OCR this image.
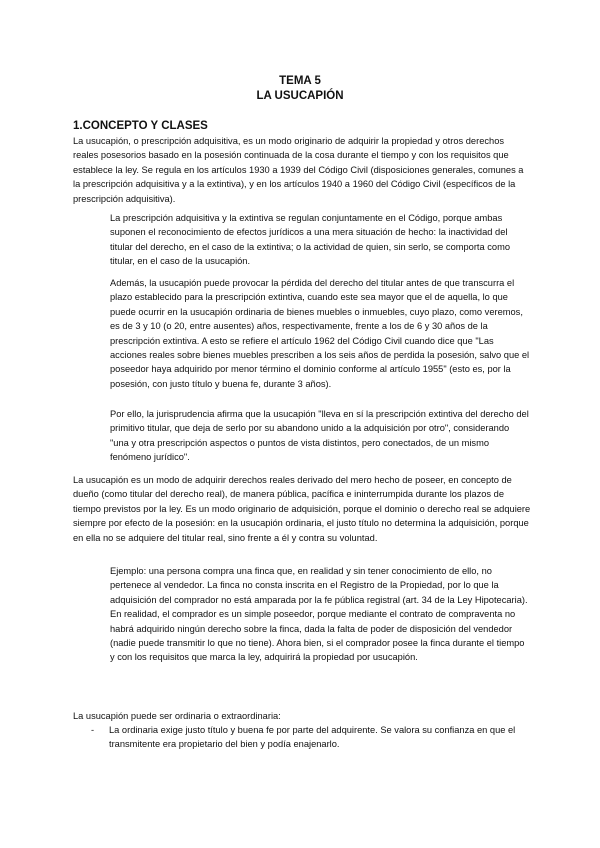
TEMA 5
LA USUCAPIÓN
1.CONCEPTO Y CLASES

La usucapión, o prescripción adquisitiva, es un modo originario de adquirir la propiedad y otros derechos reales posesorios basado en la posesión continuada de la cosa durante el tiempo y con los requisitos que establece la ley. Se regula en los artículos 1930 a 1939 del Código Civil (disposiciones generales, comunes a la prescripción adquisitiva y a la extintiva), y en los artículos 1940 a 1960 del Código Civil (específicos de la prescripción adquisitiva).

La prescripción adquisitiva y la extintiva se regulan conjuntamente en el Código, porque ambas suponen el reconocimiento de efectos jurídicos a una mera situación de hecho: la inactividad del titular del derecho, en el caso de la extintiva; o la actividad de quien, sin serlo, se comporta como titular, en el caso de la usucapión.

Además, la usucapión puede provocar la pérdida del derecho del titular antes de que transcurra el plazo establecido para la prescripción extintiva, cuando este sea mayor que el de aquella, lo que puede ocurrir en la usucapión ordinaria de bienes muebles o inmuebles, cuyo plazo, como veremos, es de 3 y 10 (o 20, entre ausentes) años, respectivamente, frente a los de 6 y 30 años de la prescripción extintiva. A esto se refiere el artículo 1962 del Código Civil cuando dice que "Las acciones reales sobre bienes muebles prescriben a los seis años de perdida la posesión, salvo que el poseedor haya adquirido por menor término el dominio conforme al artículo 1955" (esto es, por la posesión, con justo título y buena fe, durante 3 años).

Por ello, la jurisprudencia afirma que la usucapión "lleva en sí la prescripción extintiva del derecho del primitivo titular, que deja de serlo por su abandono unido a la adquisición por otro", considerando "una y otra prescripción aspectos o puntos de vista distintos, pero conectados, de un mismo fenómeno jurídico".

La usucapión es un modo de adquirir derechos reales derivado del mero hecho de poseer, en concepto de dueño (como titular del derecho real), de manera pública, pacífica e ininterrumpida durante los plazos de tiempo previstos por la ley. Es un modo originario de adquisición, porque el dominio o derecho real se adquiere siempre por efecto de la posesión: en la usucapión ordinaria, el justo título no determina la adquisición, porque en ella no se adquiere del titular real, sino frente a él y contra su voluntad.

Ejemplo: una persona compra una finca que, en realidad y sin tener conocimiento de ello, no pertenece al vendedor. La finca no consta inscrita en el Registro de la Propiedad, por lo que la adquisición del comprador no está amparada por la fe pública registral (art. 34 de la Ley Hipotecaria). En realidad, el comprador es un simple poseedor, porque mediante el contrato de compraventa no habrá adquirido ningún derecho sobre la finca, dada la falta de poder de disposición del vendedor (nadie puede transmitir lo que no tiene). Ahora bien, si el comprador posee la finca durante el tiempo y con los requisitos que marca la ley, adquirirá la propiedad por usucapión.

La usucapión puede ser ordinaria o extraordinaria:

-	La ordinaria exige justo título y buena fe por parte del adquirente. Se valora su confianza en que el transmitente era propietario del bien y podía enajenarlo.
